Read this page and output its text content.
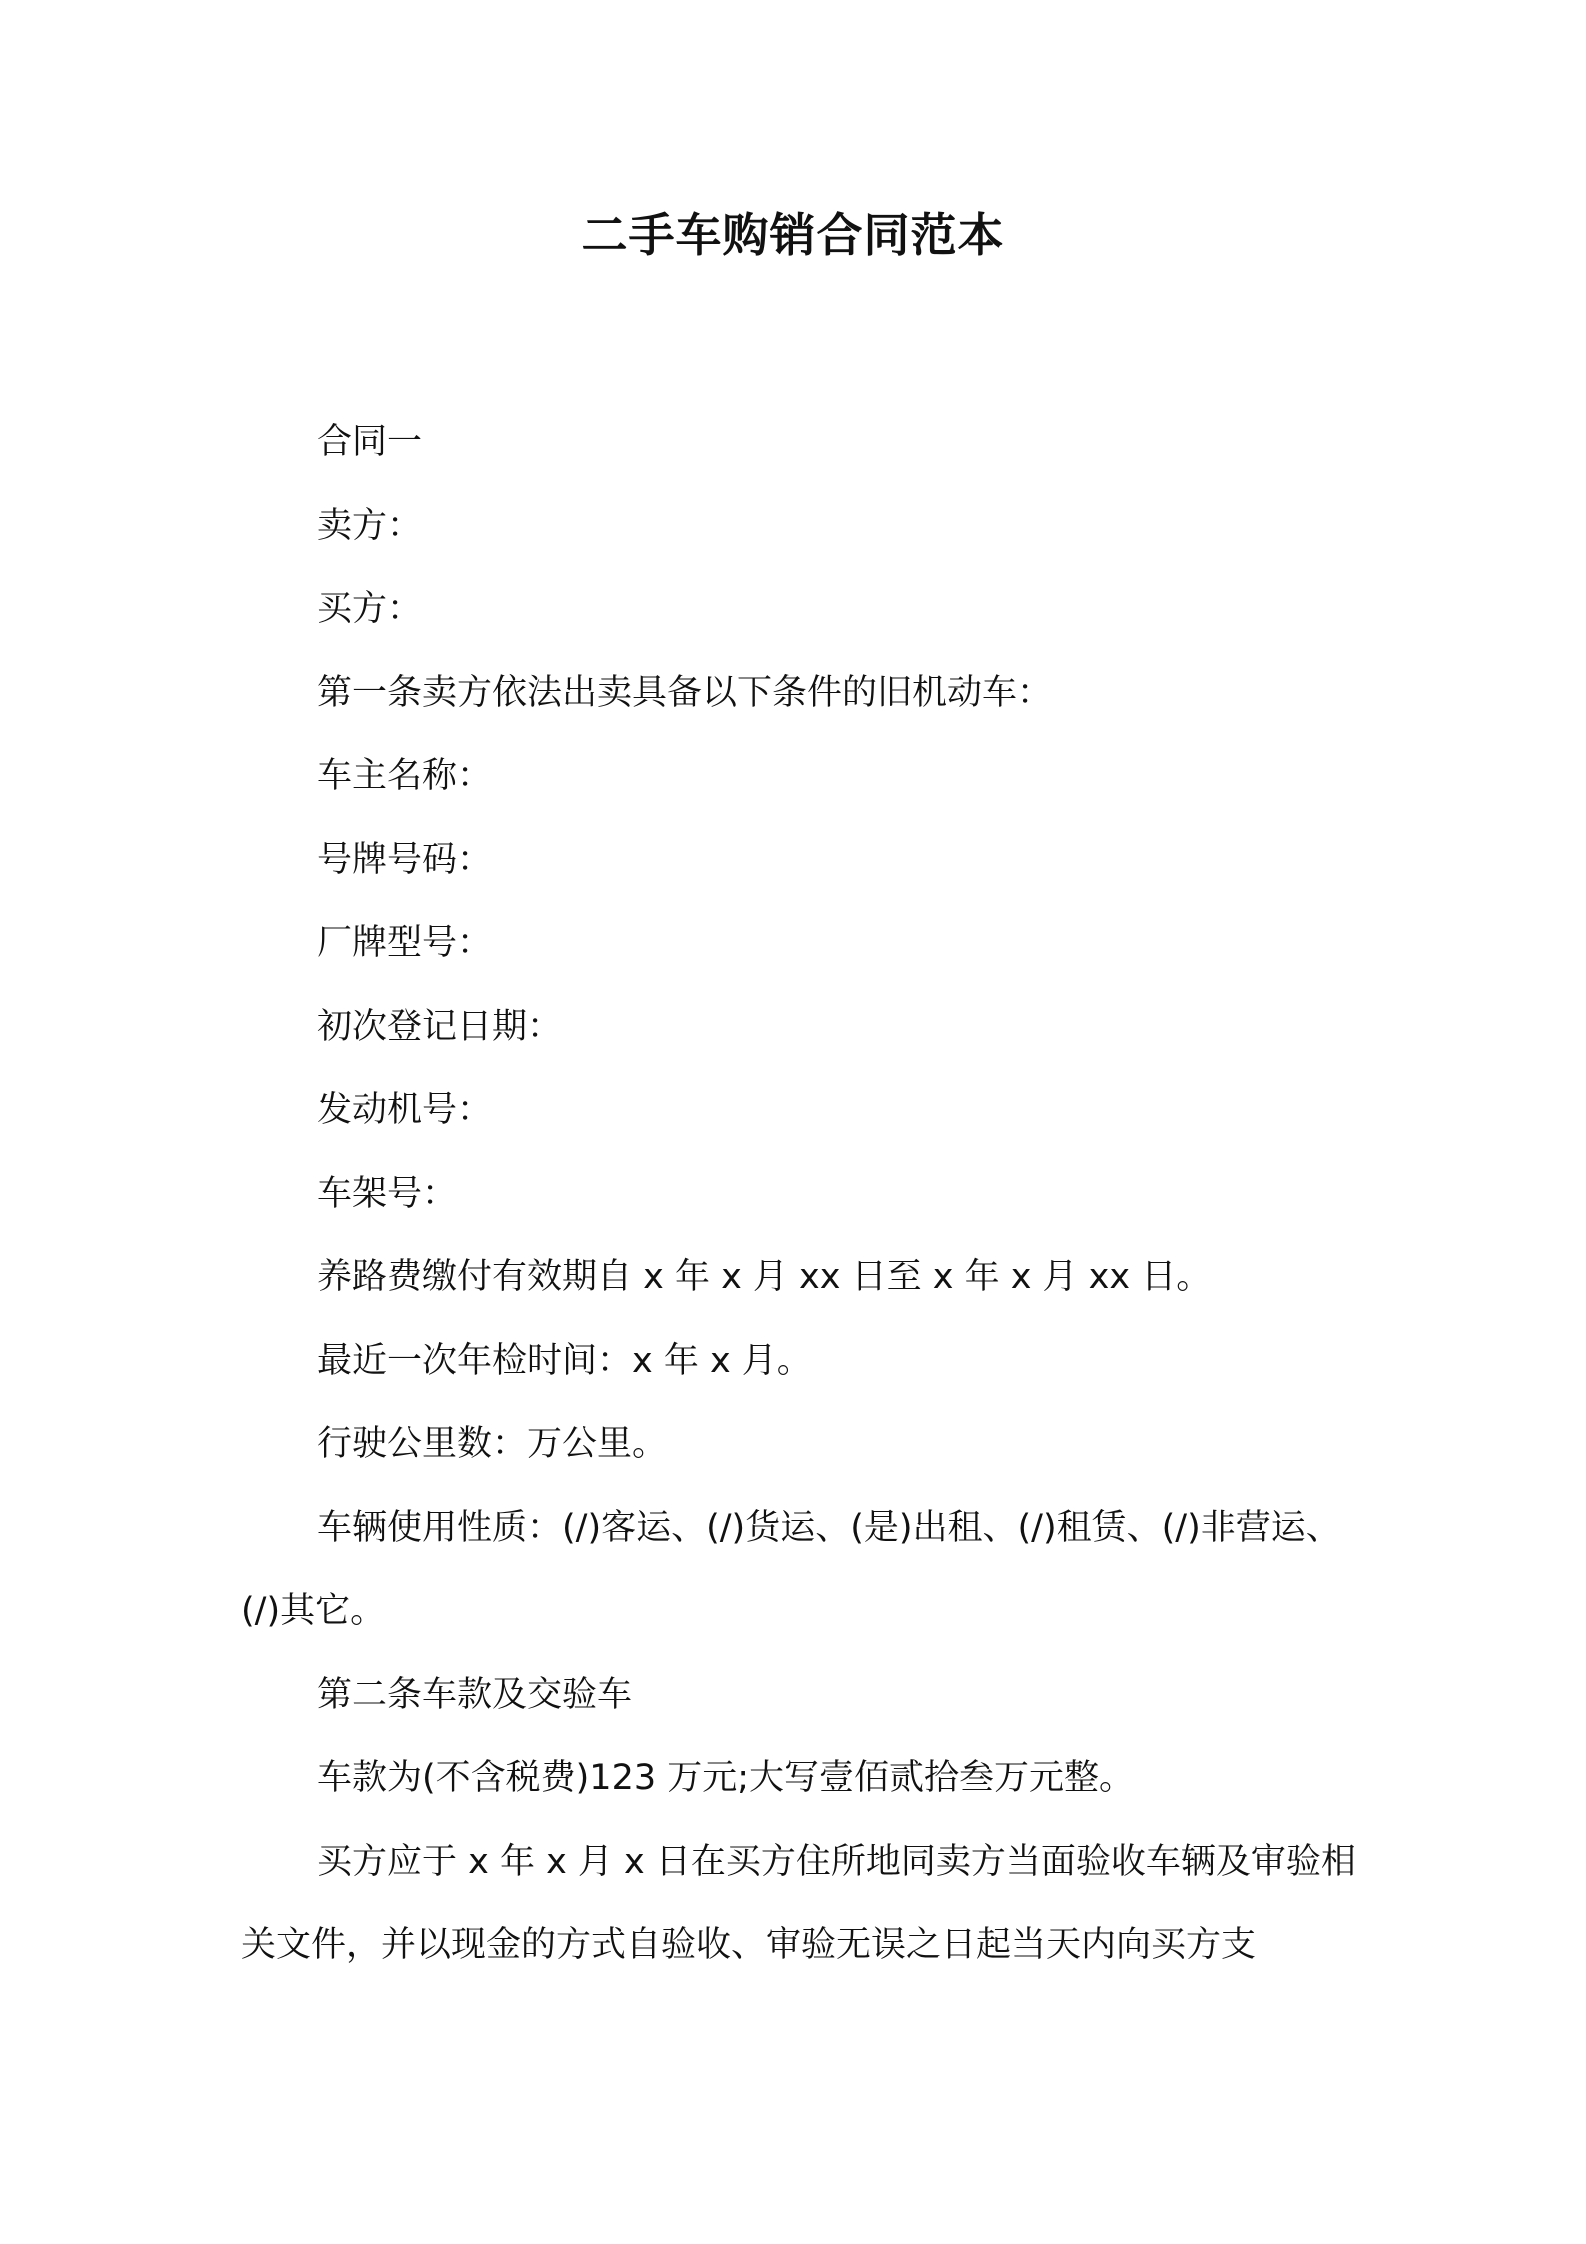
二手车购销合同范本

合同一

卖方：

买方：

第一条卖方依法出卖具备以下条件的旧机动车：

车主名称：

号牌号码：

厂牌型号：

初次登记日期：

发动机号：

车架号：

养路费缴付有效期自 x 年 x 月 xx 日至 x 年 x 月 xx 日。

最近一次年检时间：x 年 x 月。

行驶公里数：万公里。

车辆使用性质：(/)客运、(/)货运、(是)出租、(/)租赁、(/)非营运、(/)其它。

第二条车款及交验车

车款为(不含税费)123 万元;大写壹佰贰拾叁万元整。

买方应于 x 年 x 月 x 日在买方住所地同卖方当面验收车辆及审验相关文件，并以现金的方式自验收、审验无误之日起当天内向买方支
